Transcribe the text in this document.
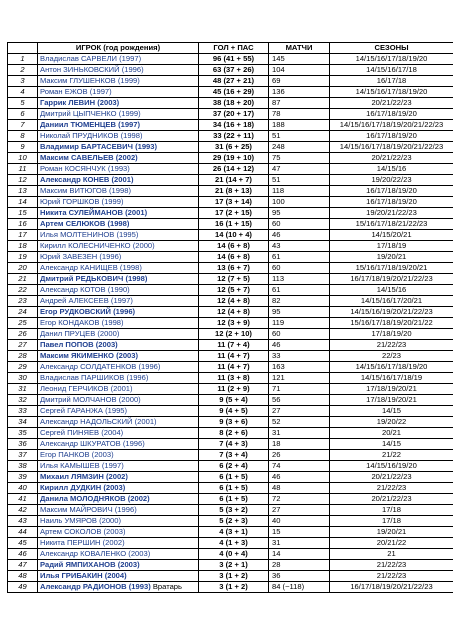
	ИГРОК (год рождения)	ГОЛ + ПАС	МАТЧИ	СЕЗОНЫ
1	Владислав САРВЕЛИ (1997)	96 (41 + 55)	145	14/15/16/17/18/19/20
2	Антон ЗИНЬКОВСКИЙ (1996)	63 (37 + 26)	104	14/15/16/17/18
3	Максим ГЛУШЕНКОВ (1999)	48 (27 + 21)	69	16/17/18
4	Роман ЕЖОВ (1997)	45 (16 + 29)	136	14/15/16/17/18/19/20
5	Гаррик ЛЕВИН (2003)	38 (18 + 20)	87	20/21/22/23
6	Дмитрий ЦЫПЧЕНКО (1999)	37 (20 + 17)	78	16/17/18/19/20
7	Даниил ТЮМЕНЦЕВ (1997)	34 (16 + 18)	188	14/15/16/17/18/19/20/21/22/23
8	Николай ПРУДНИКОВ (1998)	33 (22 + 11)	51	16/17/18/19/20
9	Владимир БАРТАСЕВИЧ (1993)	31 (6 + 25)	248	14/15/16/17/18/19/20/21/22/23
10	Максим САВЕЛЬЕВ (2002)	29 (19 + 10)	75	20/21/22/23
11	Роман КОСЯНЧУК (1993)	26 (14 + 12)	47	14/15/16
12	Александр КОНЕВ (2001)	21 (14 + 7)	51	19/20/22/23
13	Максим ВИТЮГОВ (1998)	21 (8 + 13)	118	16/17/18/19/20
14	Юрий ГОРШКОВ (1999)	17 (3 + 14)	100	16/17/18/19/20
15	Никита СУЛЕЙМАНОВ (2001)	17 (2 + 15)	95	19/20/21/22/23
16	Артем СЕЛЮКОВ (1998)	16 (1 + 15)	60	15/16/17/18/21/22/23
17	Илья МОЛТЕНИНОВ (1995)	14 (10 + 4)	46	14/15/20/21
18	Кирилл КОЛЕСНИЧЕНКО (2000)	14 (6 + 8)	43	17/18/19
19	Юрий ЗАВЕЗЕН (1996)	14 (6 + 8)	61	19/20/21
20	Александр КАНИЩЕВ (1998)	13 (6 + 7)	60	15/16/17/18/19/20/21
21	Дмитрий РЕДЬКОВИЧ (1998)	12 (7 + 5)	113	16/17/18/19/20/21/22/23
22	Александр КОТОВ (1990)	12 (5 + 7)	61	14/15/16
23	Андрей АЛЕКСЕЕВ (1997)	12 (4 + 8)	82	14/15/16/17/20/21
24	Егор РУДКОВСКИЙ (1996)	12 (4 + 8)	95	14/15/16/19/20/21/22/23
25	Егор КОНДАКОВ (1998)	12 (3 + 9)	119	15/16/17/18/19/20/21/22
26	Данил ПРУЦЕВ (2000)	12 (2 + 10)	60	17/18/19/20
27	Павел ПОПОВ (2003)	11 (7 + 4)	46	21/22/23
28	Максим ЯКИМЕНКО (2003)	11 (4 + 7)	33	22/23
29	Александр СОЛДАТЕНКОВ (1996)	11 (4 + 7)	163	14/15/16/17/18/19/20
30	Владислав ПАРШИКОВ (1996)	11 (3 + 8)	121	14/15/16/17/18/19
31	Леонид ГЕРЧИКОВ (2001)	11 (2 + 9)	71	17/18/19/20/21
32	Дмитрий МОЛЧАНОВ (2000)	9 (5 + 4)	56	17/18/19/20/21
33	Сергей ГАРАНЖА (1995)	9 (4 + 5)	27	14/15
34	Александр НАДОЛЬСКИЙ (2001)	9 (3 + 6)	52	19/20/22
35	Сергей ПИНЯЕВ (2004)	8 (2 + 6)	31	20/21
36	Александр ШКУРАТОВ (1996)	7 (4 + 3)	18	14/15
37	Егор ПАНКОВ (2003)	7 (3 + 4)	26	21/22
38	Илья КАМЫШЕВ (1997)	6 (2 + 4)	74	14/15/16/19/20
39	Михаил ЛЯМЗИН (2002)	6 (1 + 5)	46	20/21/22/23
40	Кирилл ДУДКИН (2003)	6 (1 + 5)	48	21/22/23
41	Данила МОЛОДНЯКОВ (2002)	6 (1 + 5)	72	20/21/22/23
42	Максим МАЙРОВИЧ (1996)	5 (3 + 2)	27	17/18
43	Наиль УМЯРОВ (2000)	5 (2 + 3)	40	17/18
44	Артем СОКОЛОВ (2003)	4 (3 + 1)	15	19/20/21
45	Никита ПЕРШИН (2002)	4 (1 + 3)	31	20/21/22
46	Александр КОВАЛЕНКО (2003)	4 (0 + 4)	14	21
47	Радий ЯМПИХАНОВ (2003)	3 (2 + 1)	28	21/22/23
48	Илья ГРИБАКИН (2004)	3 (1 + 2)	36	21/22/23
49	Александр РАДИОНОВ (1993) Вратарь	3 (1 + 2)	84 (~118)	16/17/18/19/20/21/22/23
